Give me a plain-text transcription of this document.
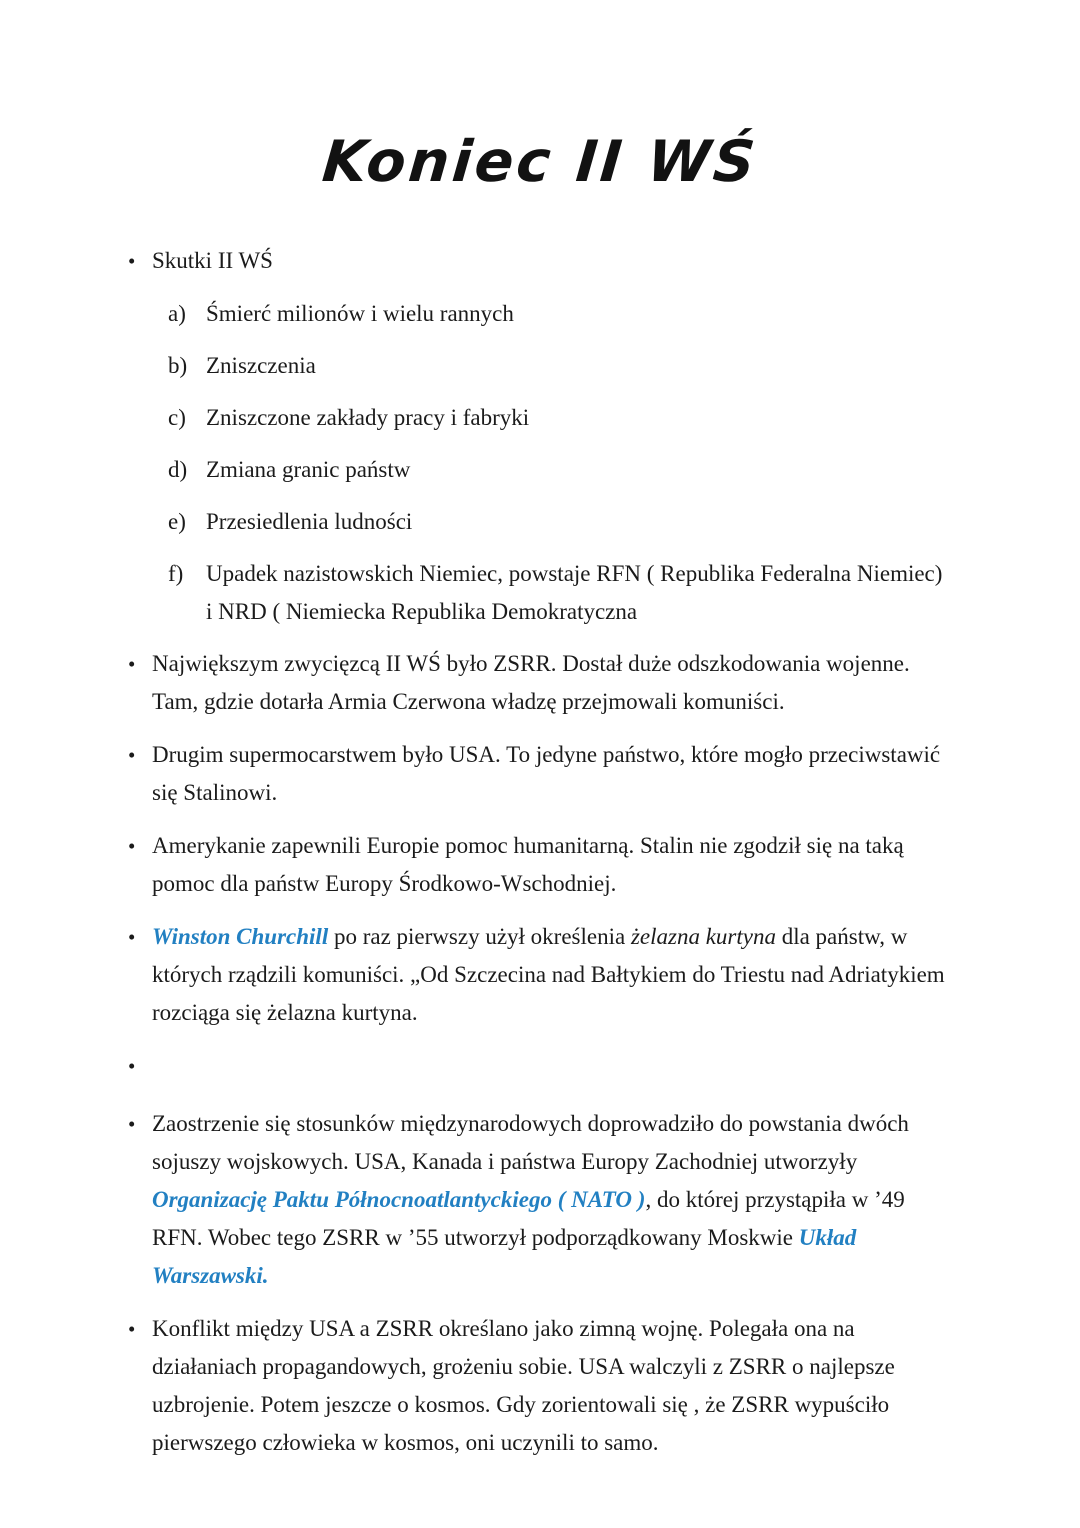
Koniec II WŚ
• Skutki II WŚ
a) Śmierć milionów i wielu rannych
b) Zniszczenia
c) Zniszczone zakłady pracy i fabryki
d) Zmiana granic państw
e) Przesiedlenia ludności
f) Upadek nazistowskich Niemiec, powstaje RFN ( Republika Federalna Niemiec) i NRD ( Niemiecka Republika Demokratyczna
• Największym zwycięzcą II WŚ było ZSRR. Dostał duże odszkodowania wojenne. Tam, gdzie dotarła Armia Czerwona władzę przejmowali komuniści.
• Drugim supermocarstwem było USA. To jedyne państwo, które mogło przeciwstawić się Stalinowi.
• Amerykanie zapewnili Europie pomoc humanitarną. Stalin nie zgodził się na taką pomoc dla państw Europy Środkowo-Wschodniej.
• Winston Churchill po raz pierwszy użył określenia żelazna kurtyna dla państw, w których rządzili komuniści. „Od Szczecina nad Bałtykiem do Triestu nad Adriatykiem rozciąga się żelazna kurtyna.
•
• Zaostrzenie się stosunków międzynarodowych doprowadziło do powstania dwóch sojuszy wojskowych. USA, Kanada i państwa Europy Zachodniej utworzyły Organizację Paktu Północnoatlantyckiego ( NATO ), do której przystąpiła w ’49 RFN. Wobec tego ZSRR w ’55 utworzył podporządkowany Moskwie Układ Warszawski.
• Konflikt między USA a ZSRR określano jako zimną wojnę. Polegała ona na działaniach propagandowych, grożeniu sobie. USA walczyli z ZSRR o najlepsze uzbrojenie. Potem jeszcze o kosmos. Gdy zorientowali się , że ZSRR wypuściło pierwszego człowieka w kosmos, oni uczynili to samo.
